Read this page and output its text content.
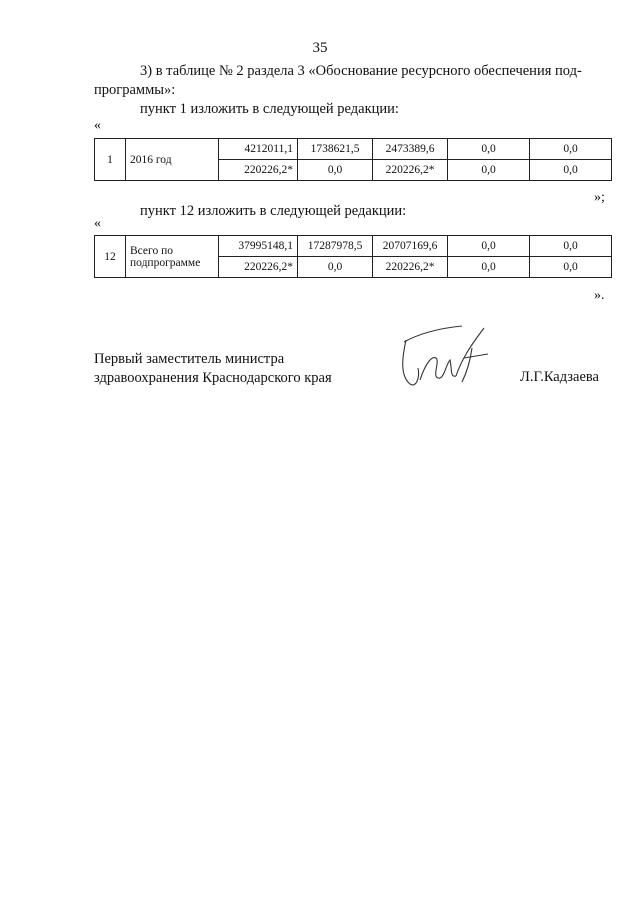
35
3) в таблице № 2 раздела 3 «Обоснование ресурсного обеспечения под-
программы»:
пункт 1 изложить в следующей редакции:
«
1	2016 год	4212011,1	1738621,5	2473389,6	0,0	0,0
		220226,2*	0,0	220226,2*	0,0	0,0
»;
пункт 12 изложить в следующей редакции:
«
12	Всего по подпрограмме	37995148,1	17287978,5	20707169,6	0,0	0,0
		220226,2*	0,0	220226,2*	0,0	0,0
».
Первый заместитель министра
здравоохранения Краснодарского края	Л.Г.Кадзаева
